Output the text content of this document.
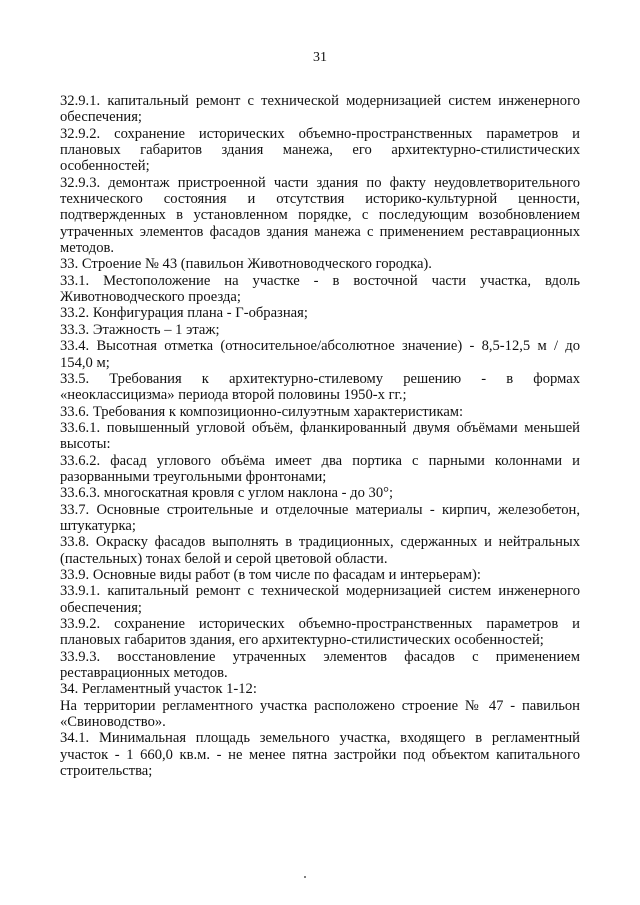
31

32.9.1. капитальный ремонт с технической модернизацией систем инженерного обеспечения;

32.9.2. сохранение исторических объемно-пространственных параметров и плановых габаритов здания манежа, его архитектурно-стилистических особенностей;

32.9.3. демонтаж пристроенной части здания по факту неудовлетворительного технического состояния и отсутствия историко-культурной ценности, подтвержденных в установленном порядке, с последующим возобновлением утраченных элементов фасадов здания манежа с применением реставрационных методов.

33. Строение № 43 (павильон Животноводческого городка).

33.1. Местоположение на участке - в восточной части участка, вдоль Животноводческого проезда;

33.2. Конфигурация плана - Г-образная;

33.3. Этажность – 1 этаж;

33.4. Высотная отметка (относительное/абсолютное значение) - 8,5-12,5 м / до 154,0 м;

33.5. Требования к архитектурно-стилевому решению - в формах «неоклассицизма» периода второй половины 1950-х гг.;

33.6. Требования к композиционно-силуэтным характеристикам:

33.6.1. повышенный угловой объём, фланкированный двумя объёмами меньшей высоты:

33.6.2. фасад углового объёма имеет два портика с парными колоннами и разорванными треугольными фронтонами;

33.6.3. многоскатная кровля с углом наклона - до 30°;

33.7. Основные строительные и отделочные материалы - кирпич, железобетон, штукатурка;

33.8. Окраску фасадов выполнять в традиционных, сдержанных и нейтральных (пастельных) тонах белой и серой цветовой области.

33.9. Основные виды работ (в том числе по фасадам и интерьерам):

33.9.1. капитальный ремонт с технической модернизацией систем инженерного обеспечения;

33.9.2. сохранение исторических объемно-пространственных параметров и плановых габаритов здания, его архитектурно-стилистических особенностей;

33.9.3. восстановление утраченных элементов фасадов с применением реставрационных методов.

34. Регламентный участок 1-12:

На территории регламентного участка расположено строение № 47 - павильон «Свиноводство».

34.1. Минимальная площадь земельного участка, входящего в регламентный участок - 1 660,0 кв.м. - не менее пятна застройки под объектом капитального строительства;
